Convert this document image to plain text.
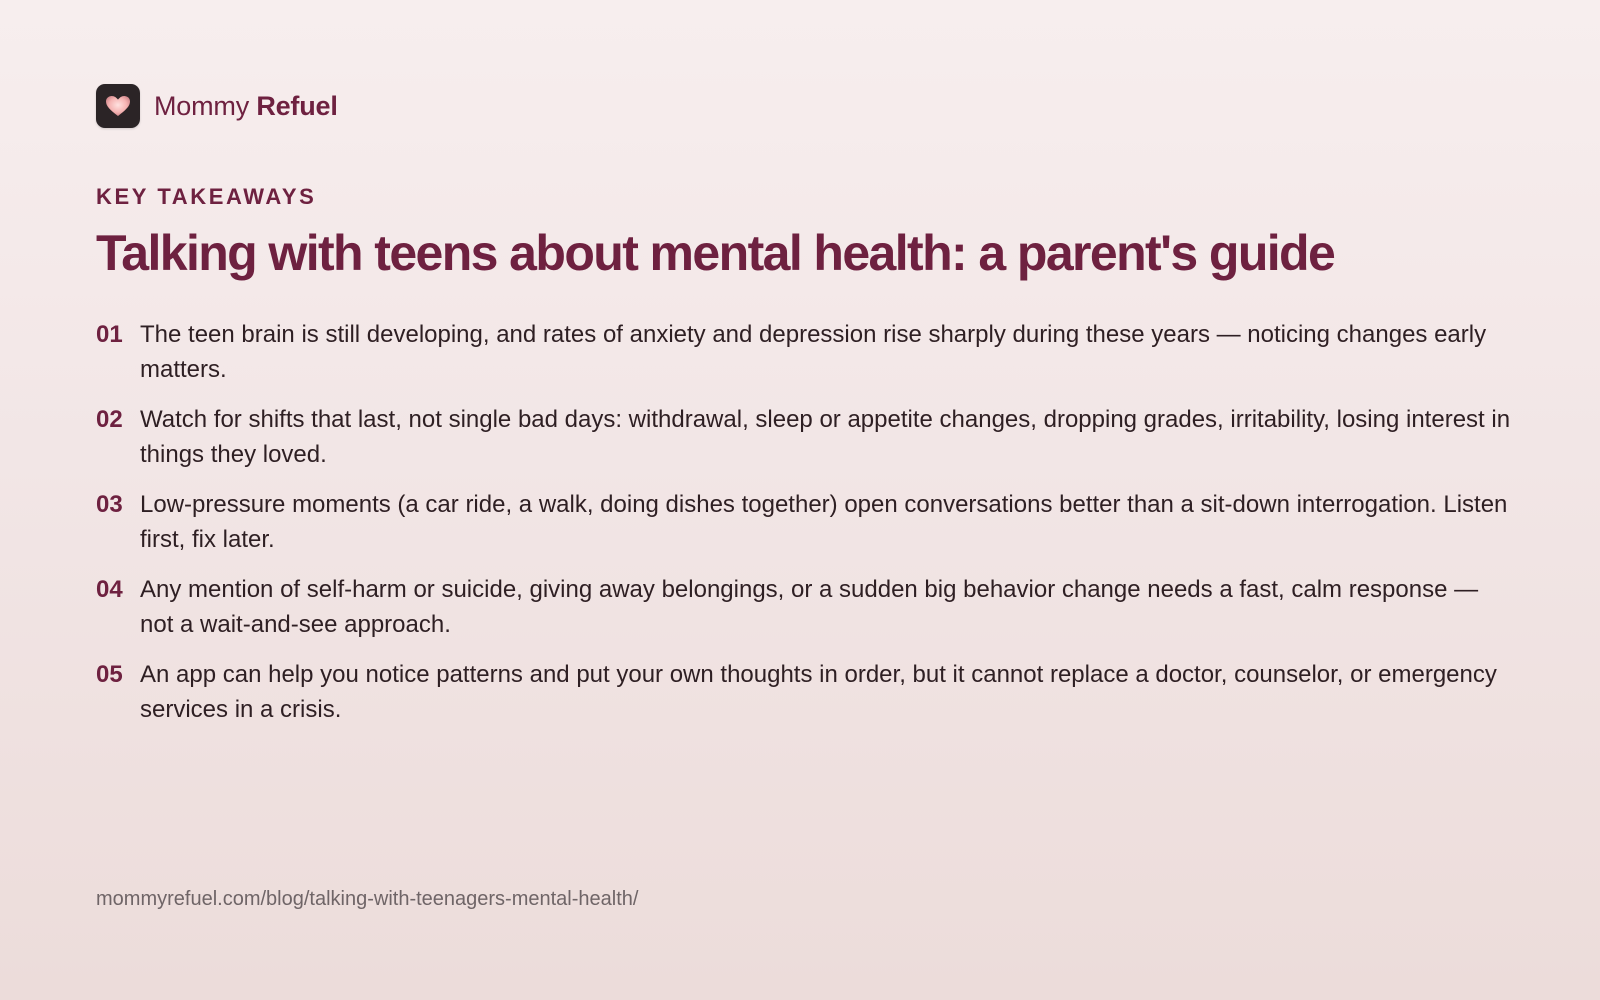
Mommy Refuel
KEY TAKEAWAYS
Talking with teens about mental health: a parent's guide
01 The teen brain is still developing, and rates of anxiety and depression rise sharply during these years — noticing changes early matters.
02 Watch for shifts that last, not single bad days: withdrawal, sleep or appetite changes, dropping grades, irritability, losing interest in things they loved.
03 Low-pressure moments (a car ride, a walk, doing dishes together) open conversations better than a sit-down interrogation. Listen first, fix later.
04 Any mention of self-harm or suicide, giving away belongings, or a sudden big behavior change needs a fast, calm response — not a wait-and-see approach.
05 An app can help you notice patterns and put your own thoughts in order, but it cannot replace a doctor, counselor, or emergency services in a crisis.
mommyrefuel.com/blog/talking-with-teenagers-mental-health/
